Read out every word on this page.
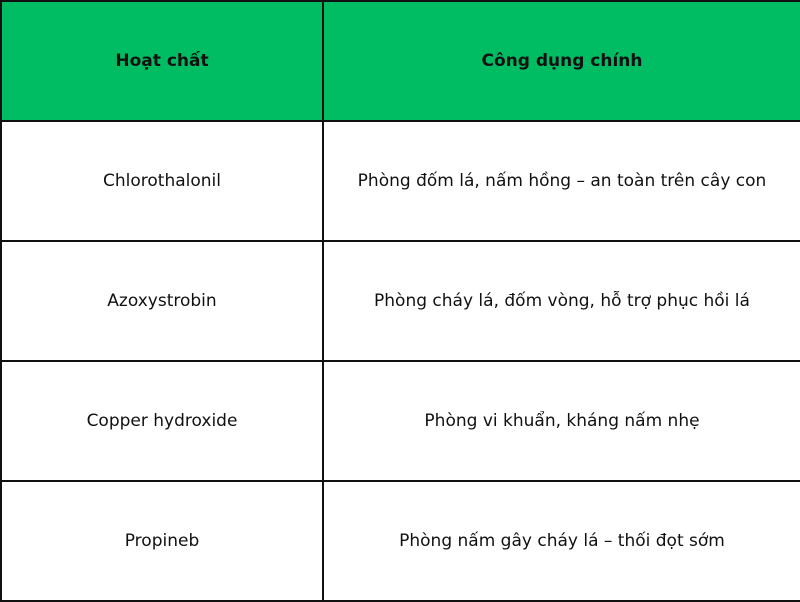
Hoạt chất	Công dụng chính
Chlorothalonil	Phòng đốm lá, nấm hồng – an toàn trên cây con
Azoxystrobin	Phòng cháy lá, đốm vòng, hỗ trợ phục hồi lá
Copper hydroxide	Phòng vi khuẩn, kháng nấm nhẹ
Propineb	Phòng nấm gây cháy lá – thối đọt sớm
